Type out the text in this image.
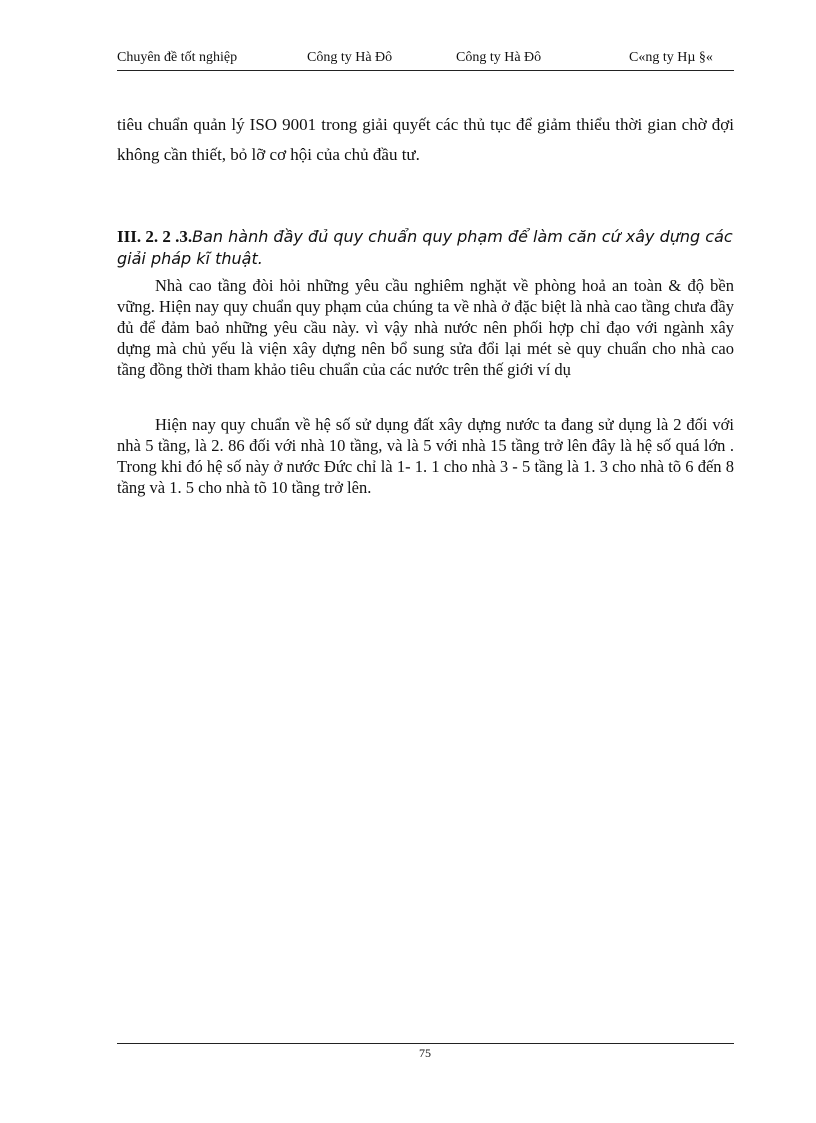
Chuyên đề tốt nghiệp	Công ty Hà Đô	Công ty Hà Đô	C«ng ty Hµ §«
tiêu chuẩn quản lý ISO 9001 trong giải quyết các thủ tục để giảm thiểu thời gian chờ đợi không cần thiết, bỏ lỡ cơ hội của chủ đầu tư.
III. 2. 2 .3.Ban hành đầy đủ quy chuẩn quy phạm để làm căn cứ xây dựng các giải pháp kĩ thuật.
Nhà cao tầng đòi hỏi những yêu cầu nghiêm nghặt về phòng hoả an toàn & độ bền vững. Hiện nay quy chuẩn quy phạm của chúng ta về nhà ở đặc biệt là nhà cao tầng chưa đầy đủ để đảm baỏ những yêu cầu này. vì vậy nhà nước nên phối hợp chỉ đạo với ngành xây dựng mà chủ yếu là viện xây dựng nên bổ sung sửa đổi lại mét sè quy chuẩn cho nhà cao tầng đồng thời tham khảo tiêu chuẩn của các nước trên thế giới ví dụ
Hiện nay quy chuẩn về hệ số sử dụng đất xây dựng nước ta đang sử dụng là 2 đối với nhà 5 tầng, là 2. 86 đối với nhà 10 tầng, và là 5 với nhà 15 tầng trở lên đây là hệ số quá lớn . Trong khi đó hệ số này ở nước Đức chỉ là 1- 1. 1 cho nhà 3 - 5 tầng là 1. 3 cho nhà tõ 6 đến 8 tầng và 1. 5 cho nhà tõ 10 tầng trở lên.
75
